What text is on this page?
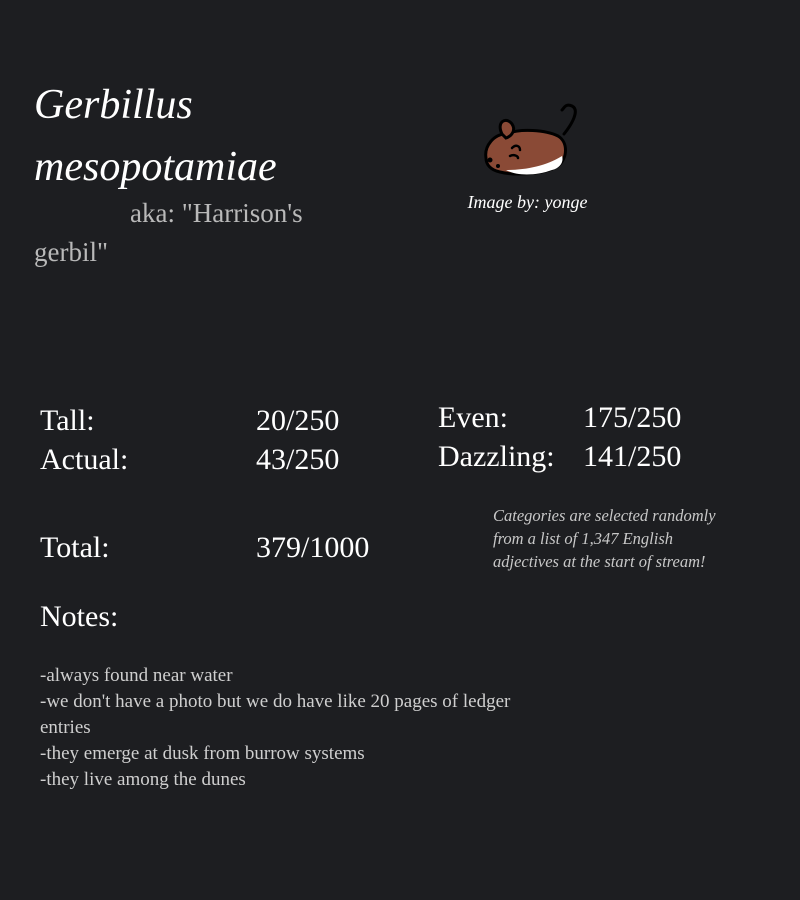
Gerbillus mesopotamiae
aka: "Harrison's gerbil"
Image by: yonge
Tall:	20/250
Actual:	43/250
Even:	175/250
Dazzling: 141/250
Total:	379/1000
Categories are selected randomly from a list of 1,347 English adjectives at the start of stream!
Notes:
-always found near water
-we don't have a photo but we do have like 20 pages of ledger entries
-they emerge at dusk from burrow systems
-they live among the dunes
